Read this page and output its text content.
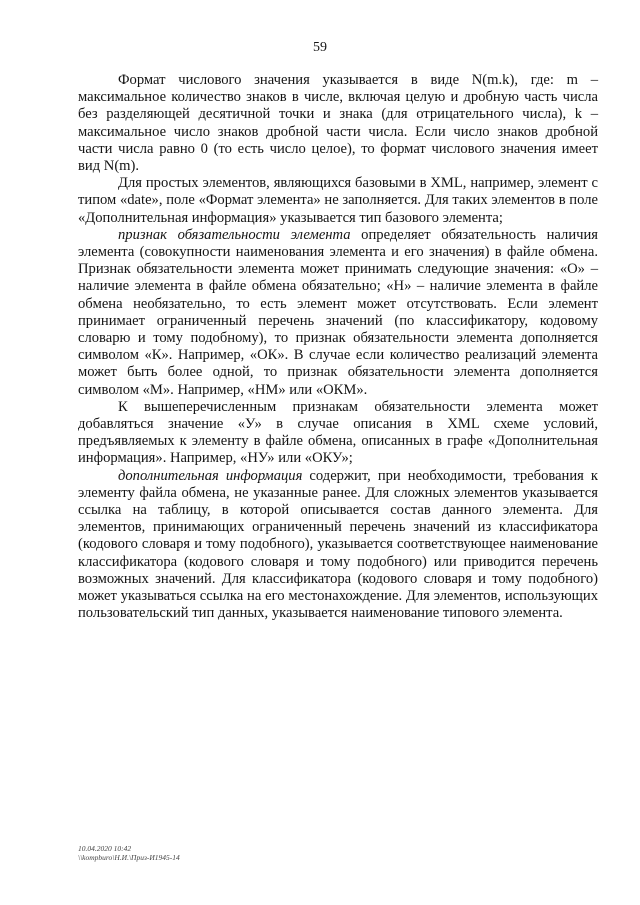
59

Формат числового значения указывается в виде N(m.k), где: m – максимальное количество знаков в числе, включая целую и дробную часть числа без разделяющей десятичной точки и знака (для отрицательного числа), k – максимальное число знаков дробной части числа. Если число знаков дробной части числа равно 0 (то есть число целое), то формат числового значения имеет вид N(m).

Для простых элементов, являющихся базовыми в XML, например, элемент с типом «date», поле «Формат элемента» не заполняется. Для таких элементов в поле «Дополнительная информация» указывается тип базового элемента;

признак обязательности элемента определяет обязательность наличия элемента (совокупности наименования элемента и его значения) в файле обмена. Признак обязательности элемента может принимать следующие значения: «О» – наличие элемента в файле обмена обязательно; «Н» – наличие элемента в файле обмена необязательно, то есть элемент может отсутствовать. Если элемент принимает ограниченный перечень значений (по классификатору, кодовому словарю и тому подобному), то признак обязательности элемента дополняется символом «К». Например, «ОК». В случае если количество реализаций элемента может быть более одной, то признак обязательности элемента дополняется символом «М». Например, «НМ» или «ОКМ».

К вышеперечисленным признакам обязательности элемента может добавляться значение «У» в случае описания в XML схеме условий, предъявляемых к элементу в файле обмена, описанных в графе «Дополнительная информация». Например, «НУ» или «ОКУ»;

дополнительная информация содержит, при необходимости, требования к элементу файла обмена, не указанные ранее. Для сложных элементов указывается ссылка на таблицу, в которой описывается состав данного элемента. Для элементов, принимающих ограниченный перечень значений из классификатора (кодового словаря и тому подобного), указывается соответствующее наименование классификатора (кодового словаря и тому подобного) или приводится перечень возможных значений. Для классификатора (кодового словаря и тому подобного) может указываться ссылка на его местонахождение. Для элементов, использующих пользовательский тип данных, указывается наименование типового элемента.

10.04.2020 10:42
\\kompburo\Н.И.\Приз-И1945-14
